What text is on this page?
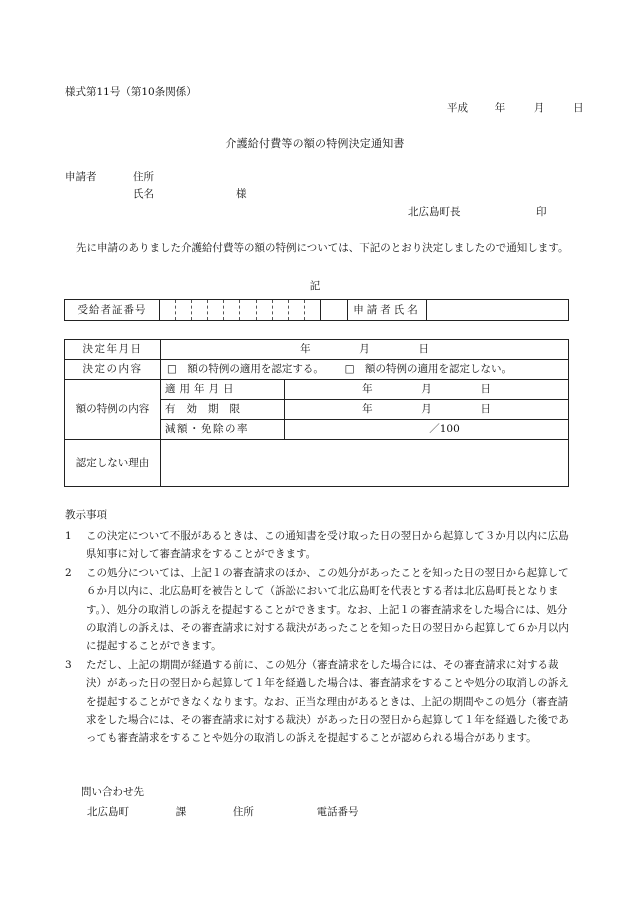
様式第11号（第10条関係）
平成	年	月	日
介護給付費等の額の特例決定通知書
申請者	住所
氏名	様
北広島町長	印
先に申請のありました介護給付費等の額の特例については、下記のとおり決定しましたので通知します。
記
受給者証番号			申請者氏名	
決定年月日	年 月 日	
決定の内容	□　額の特例の適用を認定する。 □　額の特例の適用を認定しない。	
額の特例の内容	適用年月日	年 月 日
	有効期限	年 月 日
	減額・免除の率	／100
認定しない理由		
教示事項
1 この決定について不服があるときは、この通知書を受け取った日の翌日から起算して３か月以内に広島県知事に対して審査請求をすることができます。
2 この処分については、上記１の審査請求のほか、この処分があったことを知った日の翌日から起算して６か月以内に、北広島町を被告として（訴訟において北広島町を代表とする者は北広島町長となります。）、処分の取消しの訴えを提起することができます。なお、上記１の審査請求をした場合には、処分の取消しの訴えは、その審査請求に対する裁決があったことを知った日の翌日から起算して６か月以内に提起することができます。
3 ただし、上記の期間が経過する前に、この処分（審査請求をした場合には、その審査請求に対する裁決）があった日の翌日から起算して１年を経過した場合は、審査請求をすることや処分の取消しの訴えを提起することができなくなります。なお、正当な理由があるときは、上記の期間やこの処分（審査請求をした場合には、その審査請求に対する裁決）があった日の翌日から起算して１年を経過した後であっても審査請求をすることや処分の取消しの訴えを提起することが認められる場合があります。
問い合わせ先
北広島町	課	住所	電話番号
